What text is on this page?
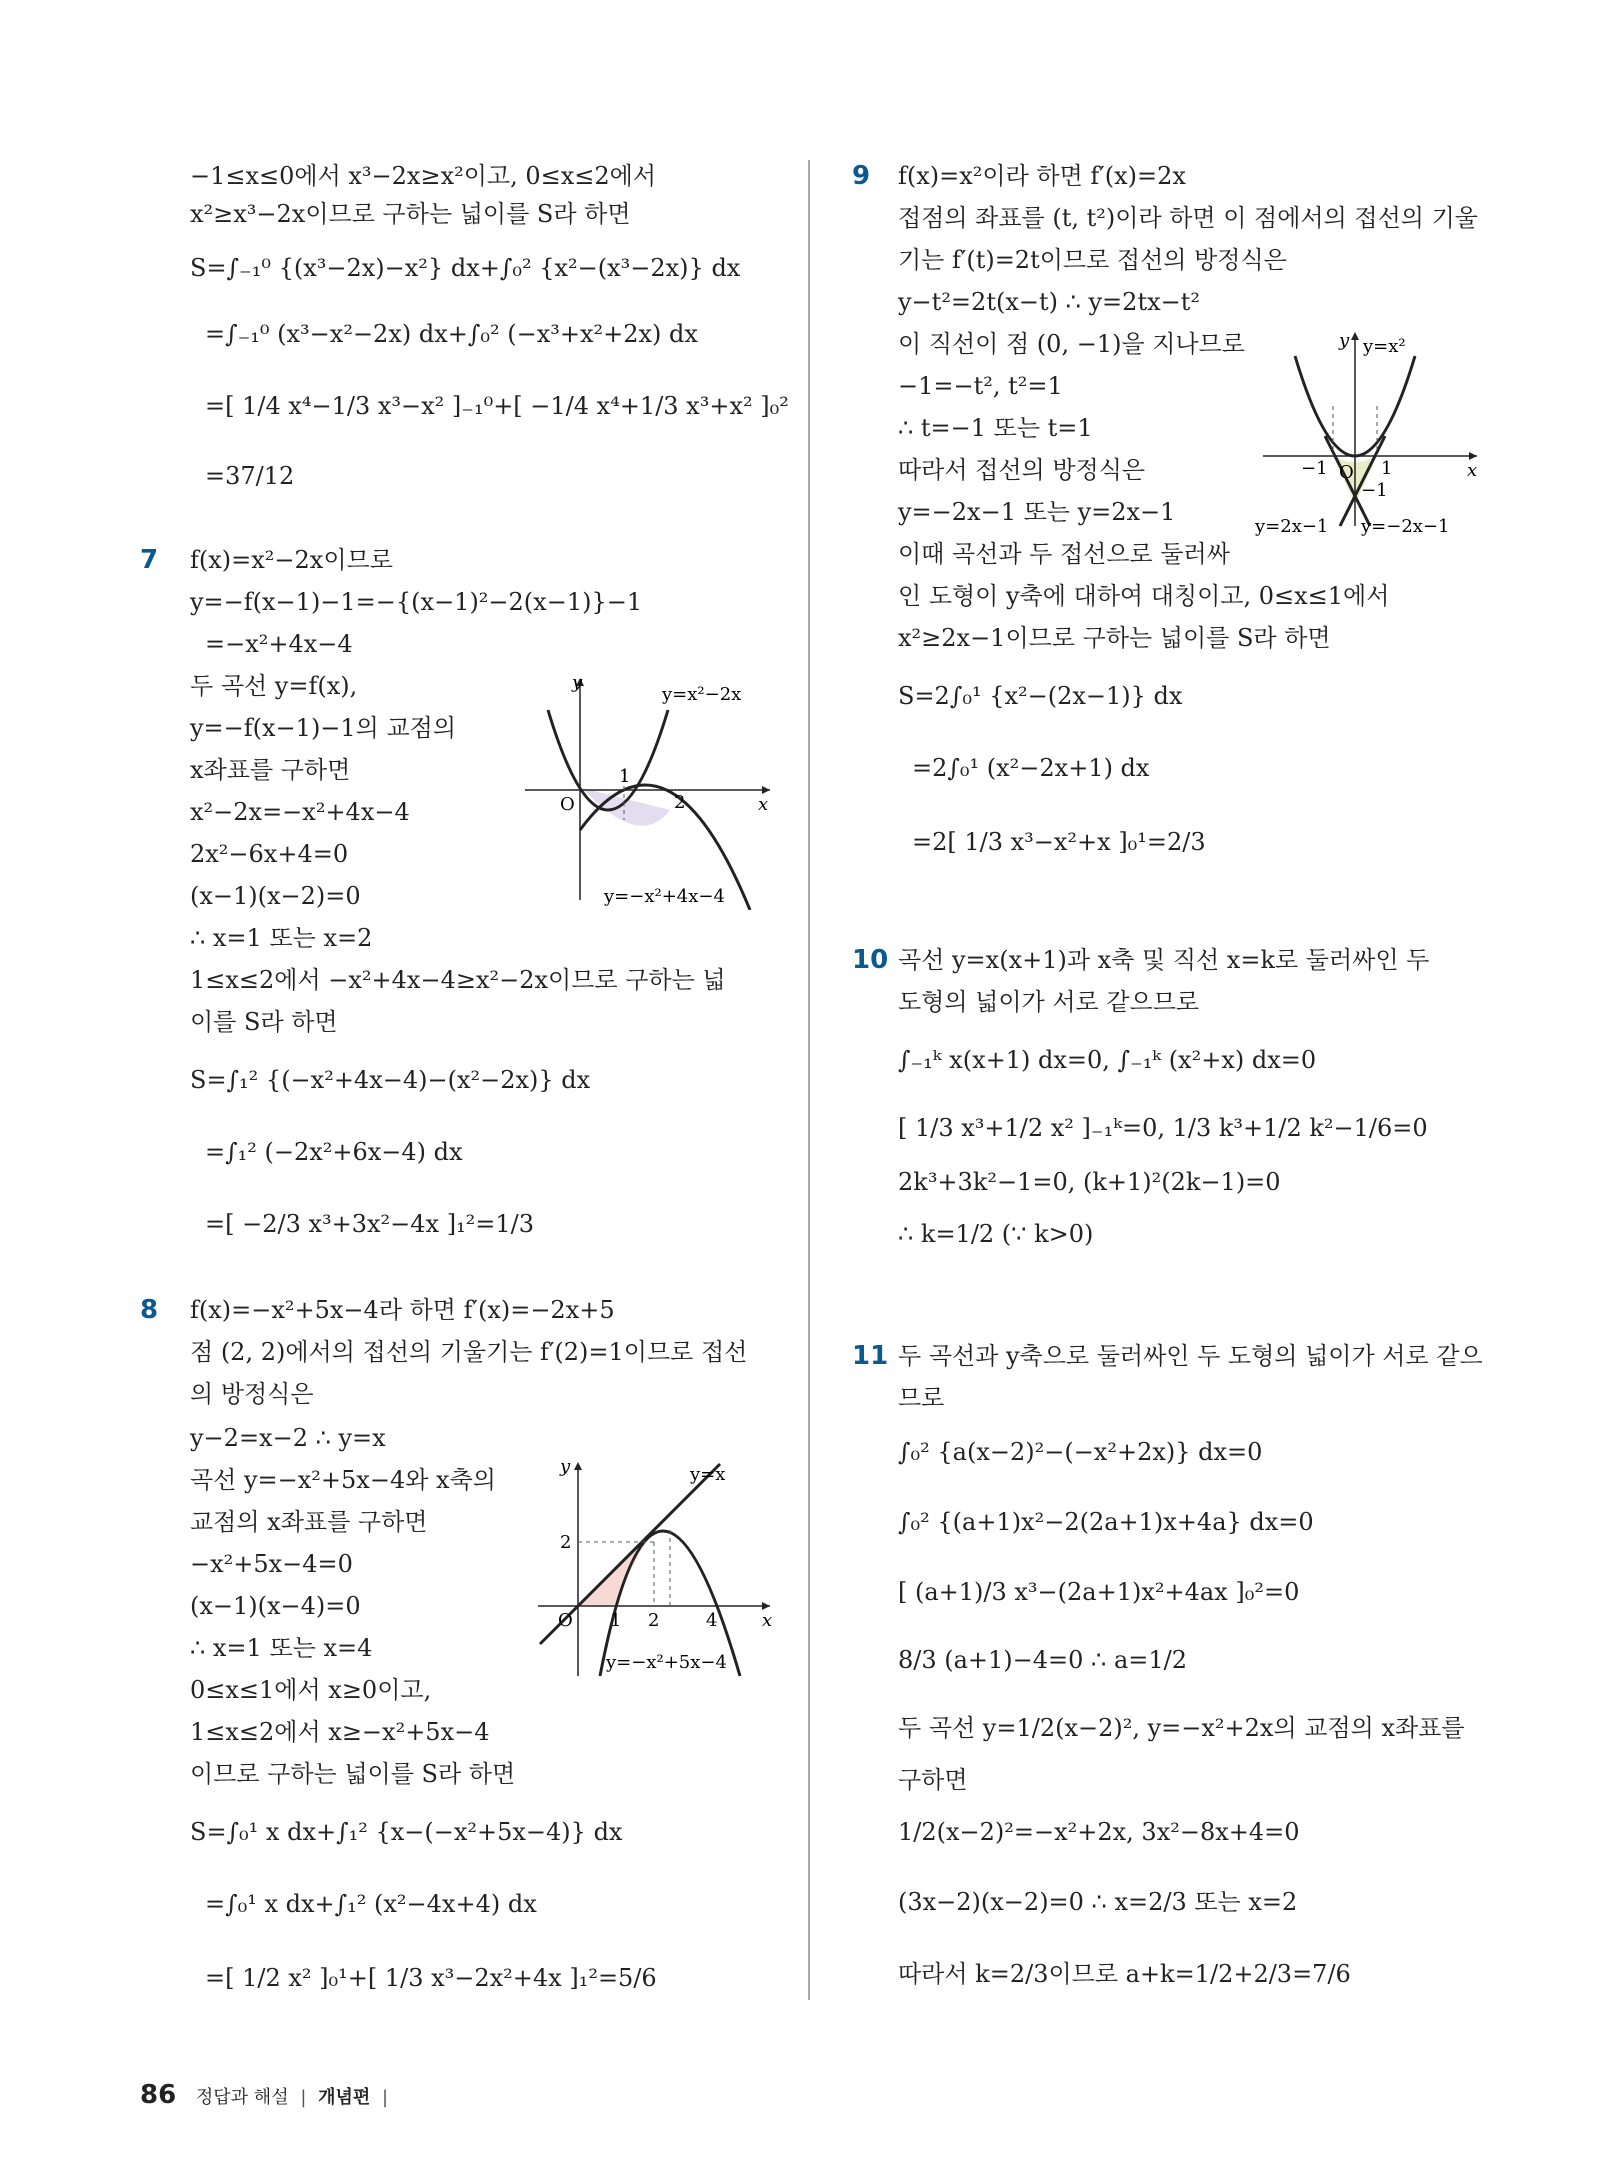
−1≤x≤0에서 x³−2x≥x²이고, 0≤x≤2에서
x²≥x³−2x이므로 구하는 넓이를 S라 하면
S=∫₋₁⁰ {(x³−2x)−x²} dx+∫₀² {x²−(x³−2x)} dx
=∫₋₁⁰ (x³−x²−2x) dx+∫₀² (−x³+x²+2x) dx
=[ 1/4 x⁴−1/3 x³−x² ]₋₁⁰+[ −1/4 x⁴+1/3 x³+x² ]₀²
=37/12
7 f(x)=x²−2x이므로
y=−f(x−1)−1=−{(x−1)²−2(x−1)}−1
=−x²+4x−4
두 곡선 y=f(x),
y=−f(x−1)−1의 교점의
x좌표를 구하면
x²−2x=−x²+4x−4
2x²−6x+4=0
(x−1)(x−2)=0
∴ x=1 또는 x=2
1≤x≤2에서 −x²+4x−4≥x²−2x이므로 구하는 넓
이를 S라 하면
S=∫₁² {(−x²+4x−4)−(x²−2x)} dx
=∫₁² (−2x²+6x−4) dx
=[ −2/3 x³+3x²−4x ]₁²=1/3
y
x
O
1
2
y=x²−2x
y=−x²+4x−4
8 f(x)=−x²+5x−4라 하면 f′(x)=−2x+5
점 (2, 2)에서의 접선의 기울기는 f′(2)=1이므로 접선
의 방정식은
y−2=x−2 ∴ y=x
곡선 y=−x²+5x−4와 x축의
교점의 x좌표를 구하면
−x²+5x−4=0
(x−1)(x−4)=0
∴ x=1 또는 x=4
0≤x≤1에서 x≥0이고,
1≤x≤2에서 x≥−x²+5x−4
이므로 구하는 넓이를 S라 하면
S=∫₀¹ x dx+∫₁² {x−(−x²+5x−4)} dx
=∫₀¹ x dx+∫₁² (x²−4x+4) dx
=[ 1/2 x² ]₀¹+[ 1/3 x³−2x²+4x ]₁²=5/6
y
x
O
2
1 2	4
y=x
y=−x²+5x−4
9 f(x)=x²이라 하면 f′(x)=2x
접점의 좌표를 (t, t²)이라 하면 이 점에서의 접선의 기울
기는 f′(t)=2t이므로 접선의 방정식은
y−t²=2t(x−t) ∴ y=2tx−t²
이 직선이 점 (0, −1)을 지나므로
−1=−t², t²=1
∴ t=−1 또는 t=1
따라서 접선의 방정식은
y=−2x−1 또는 y=2x−1
이때 곡선과 두 접선으로 둘러싸
인 도형이 y축에 대하여 대칭이고, 0≤x≤1에서
x²≥2x−1이므로 구하는 넓이를 S라 하면
S=2∫₀¹ {x²−(2x−1)} dx
=2∫₀¹ (x²−2x+1) dx
=2[ 1/3 x³−x²+x ]₀¹=2/3
y
x
O
y=x²
−1	1
−1
y=2x−1 y=−2x−1
10 곡선 y=x(x+1)과 x축 및 직선 x=k로 둘러싸인 두
도형의 넓이가 서로 같으므로
∫₋₁ᵏ x(x+1) dx=0, ∫₋₁ᵏ (x²+x) dx=0
[ 1/3 x³+1/2 x² ]₋₁ᵏ=0, 1/3 k³+1/2 k²−1/6=0
2k³+3k²−1=0, (k+1)²(2k−1)=0
∴ k=1/2 (∵ k>0)
11 두 곡선과 y축으로 둘러싸인 두 도형의 넓이가 서로 같으
므로
∫₀² {a(x−2)²−(−x²+2x)} dx=0
∫₀² {(a+1)x²−2(2a+1)x+4a} dx=0
[ (a+1)/3 x³−(2a+1)x²+4ax ]₀²=0
8/3 (a+1)−4=0 ∴ a=1/2
두 곡선 y=1/2(x−2)², y=−x²+2x의 교점의 x좌표를
구하면
1/2(x−2)²=−x²+2x, 3x²−8x+4=0
(3x−2)(x−2)=0 ∴ x=2/3 또는 x=2
따라서 k=2/3이므로 a+k=1/2+2/3=7/6
86 정답과 해설 | 개념편 |
